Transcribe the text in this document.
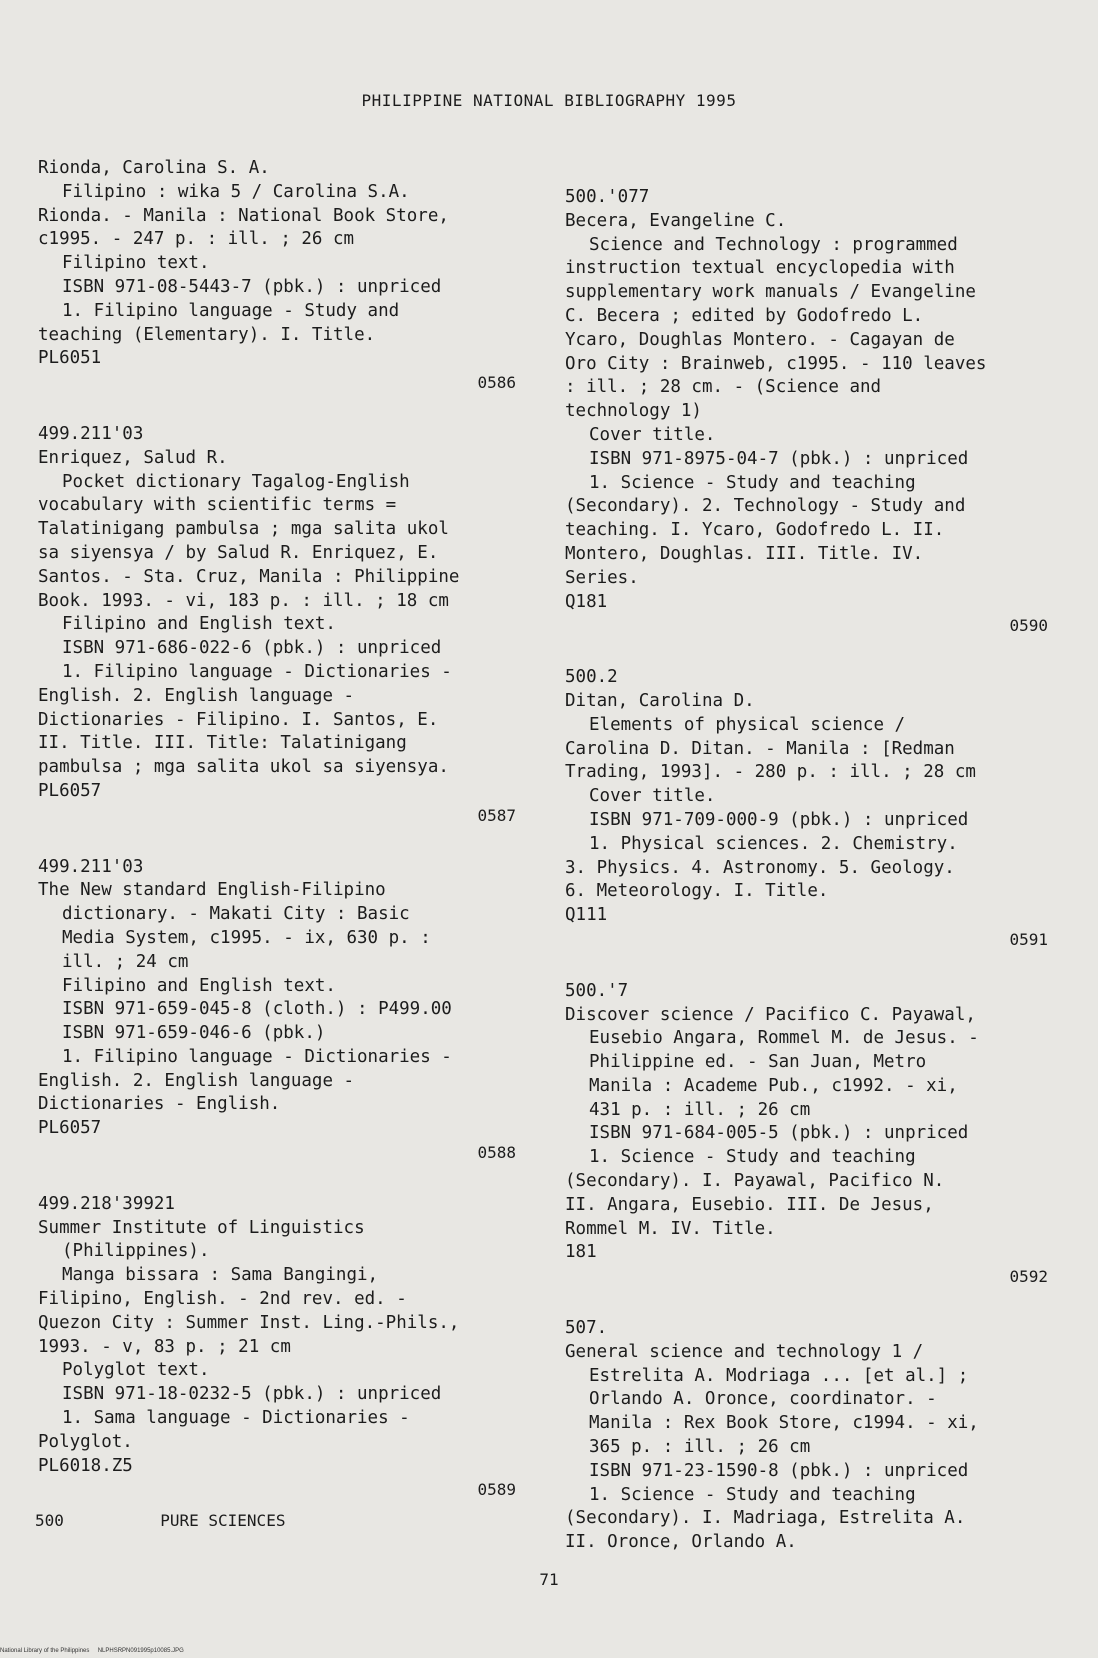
PHILIPPINE NATIONAL BIBLIOGRAPHY 1995
Rionda, Carolina S. A.
Filipino : wika 5 / Carolina S.A.
Rionda. - Manila : National Book Store,
c1995. - 247 p. : ill. ; 26 cm
Filipino text.
ISBN 971-08-5443-7 (pbk.) : unpriced
1. Filipino language - Study and
teaching (Elementary). I. Title.
PL6051
0586
499.211'03
Enriquez, Salud R.
Pocket dictionary Tagalog-English
vocabulary with scientific terms =
Talatinigang pambulsa ; mga salita ukol
sa siyensya / by Salud R. Enriquez, E.
Santos. - Sta. Cruz, Manila : Philippine
Book. 1993. - vi, 183 p. : ill. ; 18 cm
Filipino and English text.
ISBN 971-686-022-6 (pbk.) : unpriced
1. Filipino language - Dictionaries -
English. 2. English language -
Dictionaries - Filipino. I. Santos, E.
II. Title. III. Title: Talatinigang
pambulsa ; mga salita ukol sa siyensya.
PL6057
0587
499.211'03
The New standard English-Filipino
dictionary. - Makati City : Basic
Media System, c1995. - ix, 630 p. :
ill. ; 24 cm
Filipino and English text.
ISBN 971-659-045-8 (cloth.) : P499.00
ISBN 971-659-046-6 (pbk.)
1. Filipino language - Dictionaries -
English. 2. English language -
Dictionaries - English.
PL6057
0588
499.218'39921
Summer Institute of Linguistics
(Philippines).
Manga bissara : Sama Bangingi,
Filipino, English. - 2nd rev. ed. -
Quezon City : Summer Inst. Ling.-Phils.,
1993. - v, 83 p. ; 21 cm
Polyglot text.
ISBN 971-18-0232-5 (pbk.) : unpriced
1. Sama language - Dictionaries -
Polyglot.
PL6018.Z5
0589
500.'077
Becera, Evangeline C.
Science and Technology : programmed
instruction textual encyclopedia with
supplementary work manuals / Evangeline
C. Becera ; edited by Godofredo L.
Ycaro, Doughlas Montero. - Cagayan de
Oro City : Brainweb, c1995. - 110 leaves
: ill. ; 28 cm. - (Science and
technology 1)
Cover title.
ISBN 971-8975-04-7 (pbk.) : unpriced
1. Science - Study and teaching
(Secondary). 2. Technology - Study and
teaching. I. Ycaro, Godofredo L. II.
Montero, Doughlas. III. Title. IV.
Series.
Q181
0590
500.2
Ditan, Carolina D.
Elements of physical science /
Carolina D. Ditan. - Manila : [Redman
Trading, 1993]. - 280 p. : ill. ; 28 cm
Cover title.
ISBN 971-709-000-9 (pbk.) : unpriced
1. Physical sciences. 2. Chemistry.
3. Physics. 4. Astronomy. 5. Geology.
6. Meteorology. I. Title.
Q111
0591
500.'7
Discover science / Pacifico C. Payawal,
Eusebio Angara, Rommel M. de Jesus. -
Philippine ed. - San Juan, Metro
Manila : Academe Pub., c1992. - xi,
431 p. : ill. ; 26 cm
ISBN 971-684-005-5 (pbk.) : unpriced
1. Science - Study and teaching
(Secondary). I. Payawal, Pacifico N.
II. Angara, Eusebio. III. De Jesus,
Rommel M. IV. Title.
181
0592
507.
General science and technology 1 /
Estrelita A. Modriaga ... [et al.] ;
Orlando A. Oronce, coordinator. -
Manila : Rex Book Store, c1994. - xi,
365 p. : ill. ; 26 cm
ISBN 971-23-1590-8 (pbk.) : unpriced
1. Science - Study and teaching
(Secondary). I. Madriaga, Estrelita A.
II. Oronce, Orlando A.
500          PURE SCIENCES
71
National Library of the Philippines     NLPHSRPN091995p10085.JPG
